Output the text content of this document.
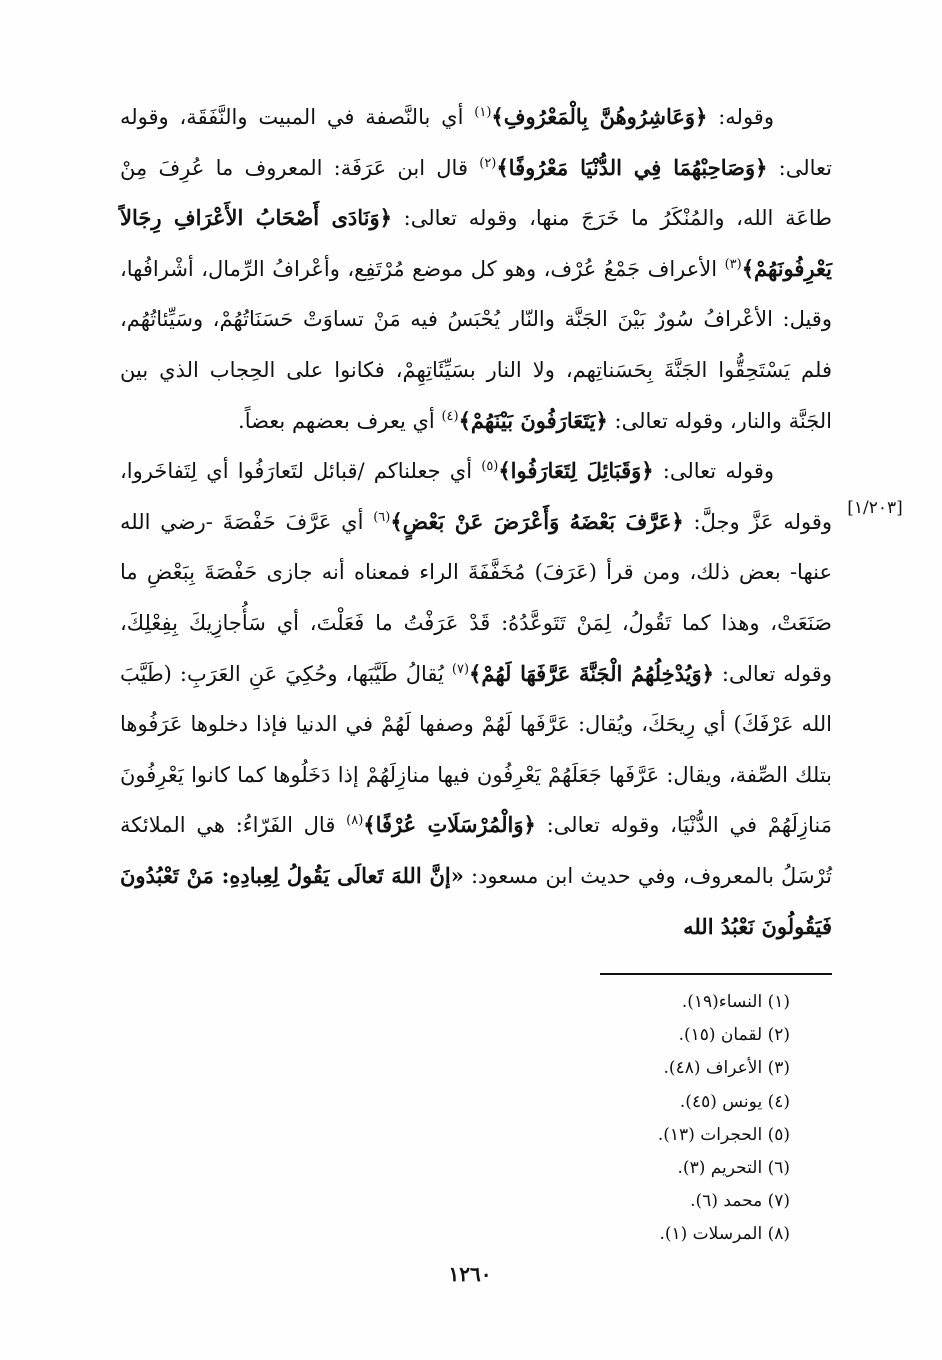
وقوله: ﴿وَعَاشِرُوهُنَّ بِالْمَعْرُوفِ﴾$^{(١)}$ أي بالنَّصفة في المبيت والنَّفَقَة، وقوله تعالى: ﴿وَصَاحِبْهُمَا فِي الدُّنْيَا مَعْرُوفًا﴾$^{(٢)}$ قال ابن عَرَفَة: المعروف ما عُرِفَ مِنْ طاعَة الله، والمُنْكَرُ ما خَرَجَ منها، وقوله تعالى: ﴿وَنَادَى أَصْحَابُ الأَعْرَافِ رِجَالاً يَعْرِفُونَهُمْ﴾$^{(٣)}$ الأعراف جَمْعُ عُرْف، وهو كل موضع مُرْتَفِع، وأعْرافُ الرِّمال، أشْرافُها، وقيل: الأعْرافُ سُورٌ بَيْنَ الجَنَّة والنّار يُحْبَسُ فيه مَنْ تساوَتْ حَسَنَاتُهُمْ، وسَيِّئاتُهُم، فلم يَسْتَحِقُّوا الجَنَّةَ بِحَسَناتِهم، ولا النار بسَيِّئَاتِهِمْ، فكانوا على الحِجاب الذي بين الجَنَّة والنار، وقوله تعالى: ﴿يَتَعَارَفُونَ بَيْنَهُمْ﴾$^{(٤)}$ أي يعرف بعضهم بعضاً.

وقوله تعالى: ﴿وَقَبَائِلَ لِتَعَارَفُوا﴾$^{(٥)}$ أي جعلناكم /قبائل لتَعارَفُوا أي لِتَفاخَروا، وقوله عَزَّ وجلَّ: ﴿عَرَّفَ بَعْضَهُ وَأَعْرَضَ عَنْ بَعْضٍ﴾$^{(٦)}$ أي عَرَّفَ حَفْصَةَ -رضي الله عنها- بعض ذلك، ومن قرأ (عَرَفَ) مُخَفَّفَةَ الراء فمعناه أنه جازى حَفْصَةَ بِبَعْضِ ما صَنَعَتْ، وهذا كما تَقُولُ، لِمَنْ تَتَوعَّدُهُ: قَدْ عَرَفْتُ ما فَعَلْتَ، أي سَأُجازِيكَ بِفِعْلِكَ، وقوله تعالى: ﴿وَيُدْخِلُهُمُ الْجَنَّةَ عَرَّفَهَا لَهُمْ﴾$^{(٧)}$ يُقالُ طَيَّبَها، وحُكِيَ عَنِ العَرَبِ: (طَيَّبَ الله عَرْفَكَ) أي رِيحَكَ، ويُقال: عَرَّفَها لَهُمْ وصفها لَهُمْ في الدنيا فإذا دخلوها عَرَفُوها بتلك الصِّفة، ويقال: عَرَّفَها جَعَلَهُمْ يَعْرِفُون فيها منازِلَهُمْ إذا دَخَلُوها كما كانوا يَعْرِفُونَ مَنازِلَهُمْ في الدُّنْيَا، وقوله تعالى: ﴿وَالْمُرْسَلَاتِ عُرْفًا﴾$^{(٨)}$ قال الفَرّاءُ: هي الملائكة تُرْسَلُ بالمعروف، وفي حديث ابن مسعود: «إنَّ اللهَ تَعالَى يَقُولُ لِعِبادِهِ: مَنْ تَعْبُدُونَ فَيَقُولُونَ نَعْبُدُ الله

[١/٢٠٣]
(١) النساء(١٩).
(٢) لقمان (١٥).
(٣) الأعراف (٤٨).
(٤) يونس (٤٥).
(٥) الحجرات (١٣).
(٦) التحريم (٣).
(٧) محمد (٦).
(٨) المرسلات (١).
١٢٦٠
